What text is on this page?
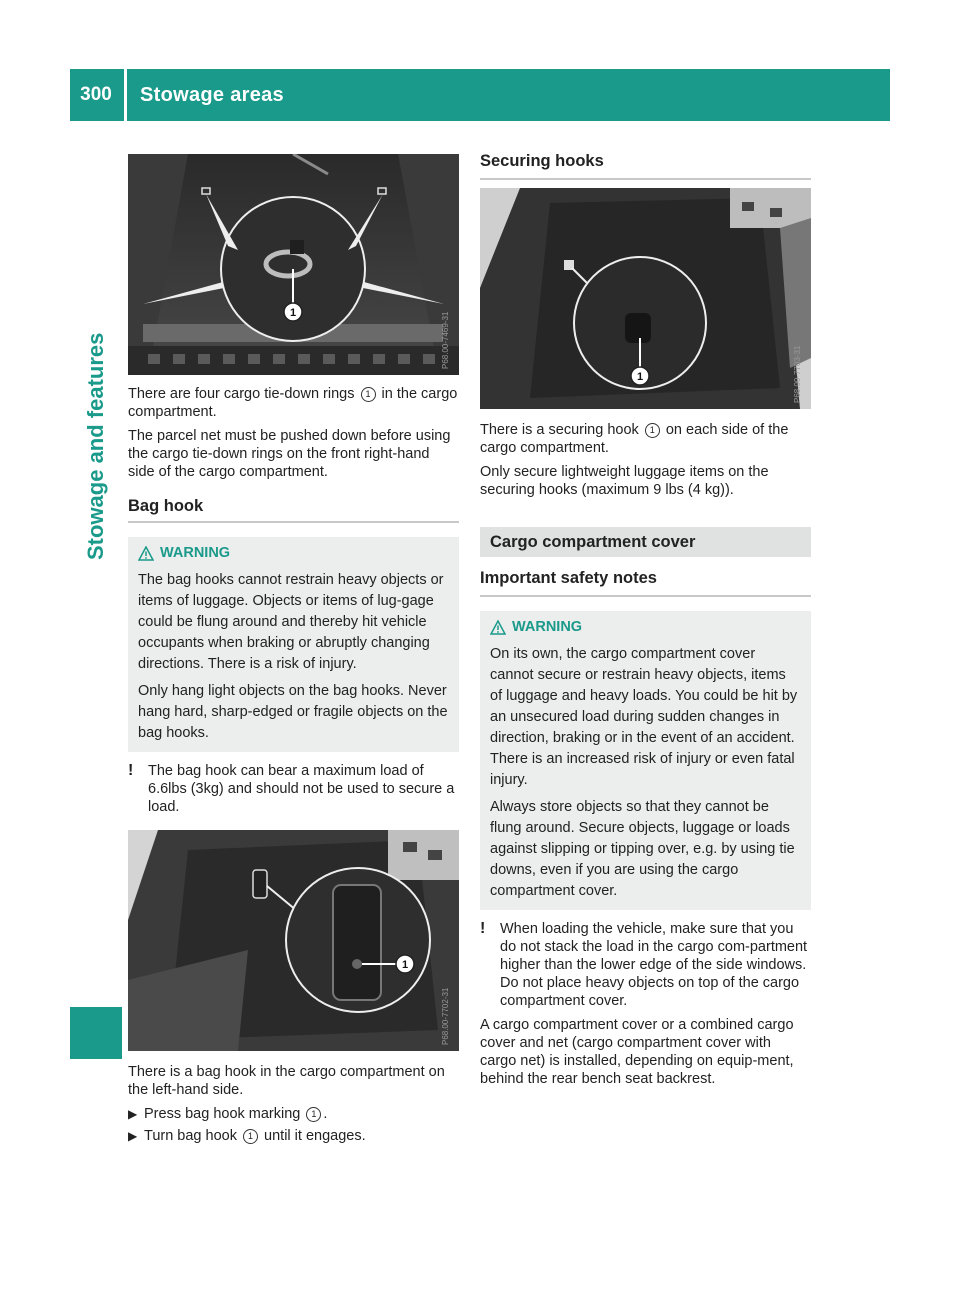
300	Stowage areas
Stowage and features
1	P68.00-7469-31

There are four cargo tie-down rings 1 in the cargo compartment.

The parcel net must be pushed down before using the cargo tie-down rings on the front right-hand side of the cargo compartment.

Bag hook
WARNING

The bag hooks cannot restrain heavy objects or items of luggage. Objects or items of lug-gage could be flung around and thereby hit vehicle occupants when braking or abruptly changing directions. There is a risk of injury.

Only hang light objects on the bag hooks. Never hang hard, sharp-edged or fragile objects on the bag hooks.

!	The bag hook can bear a maximum load of 6.6lbs (3kg) and should not be used to secure a load.
1
P68.00-7702-31

There is a bag hook in the cargo compartment on the left-hand side.

▶ Press bag hook marking 1 .
▶ Turn bag hook 1 until it engages.
Securing hooks
1	P68.00-7703-31

There is a securing hook 1 on each side of the cargo compartment.

Only secure lightweight luggage items on the securing hooks (maximum 9 lbs (4 kg)).

Cargo compartment cover
Important safety notes
WARNING

On its own, the cargo compartment cover cannot secure or restrain heavy objects, items of luggage and heavy loads. You could be hit by an unsecured load during sudden changes in direction, braking or in the event of an accident. There is an increased risk of injury or even fatal injury.

Always store objects so that they cannot be flung around. Secure objects, luggage or loads against slipping or tipping over, e.g. by using tie downs, even if you are using the cargo compartment cover.

!	When loading the vehicle, make sure that you do not stack the load in the cargo com-partment higher than the lower edge of the side windows. Do not place heavy objects on top of the cargo compartment cover.

A cargo compartment cover or a combined cargo cover and net (cargo compartment cover with cargo net) is installed, depending on equip-ment, behind the rear bench seat backrest.
